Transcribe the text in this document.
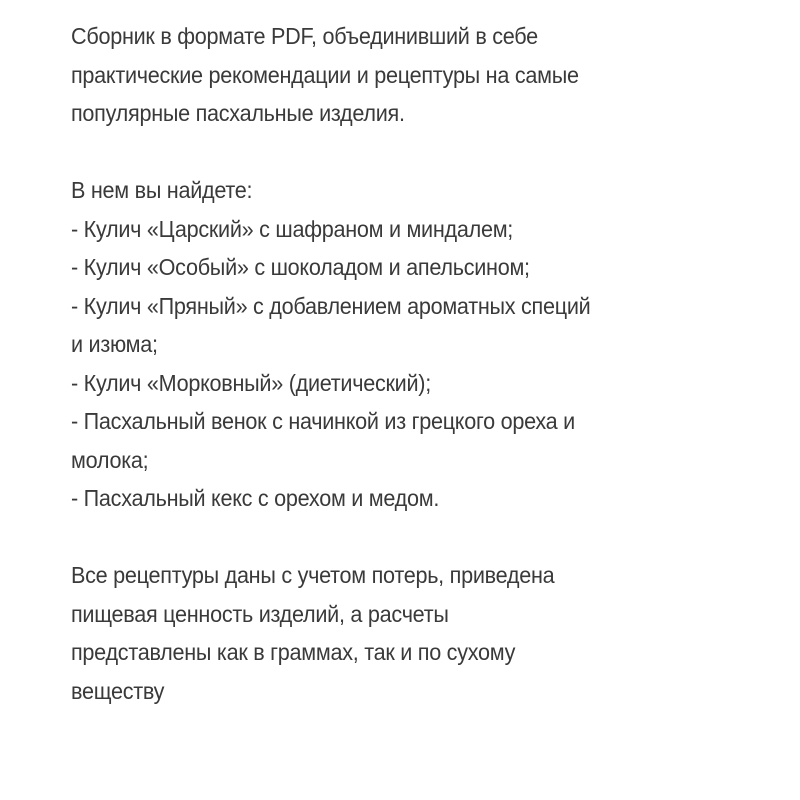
Сборник в формате PDF, объединивший в себе
практические рекомендации и рецептуры на самые
популярные пасхальные изделия.

В нем вы найдете:

- Кулич «Царский» с шафраном и миндалем;
- Кулич «Особый» с шоколадом и апельсином;
- Кулич «Пряный» с добавлением ароматных специй
и изюма;
- Кулич «Морковный» (диетический);
- Пасхальный венок с начинкой из грецкого ореха и
молока;
- Пасхальный кекс с орехом и медом.

Все рецептуры даны с учетом потерь, приведена
пищевая ценность изделий, а расчеты
представлены как в граммах, так и по сухому
веществу
